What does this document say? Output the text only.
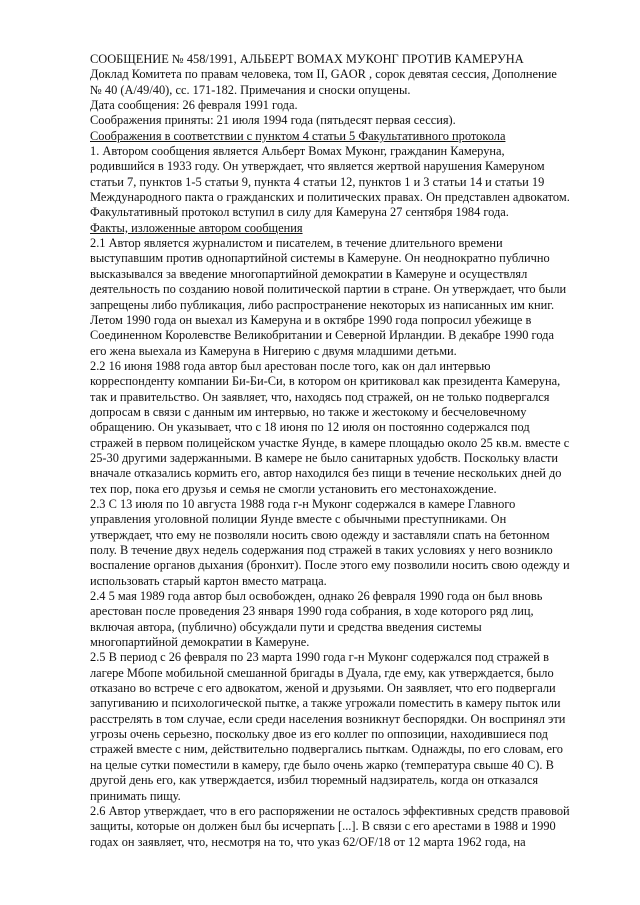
СООБЩЕНИЕ № 458/1991, АЛЬБЕРТ ВОМАХ МУКОНГ ПРОТИВ КАМЕРУНА

Доклад Комитета по правам человека, том II, GAOR , сорок девятая сессия, Дополнение № 40 (A/49/40), сс. 171-182. Примечания и сноски опущены.

Дата сообщения: 26 февраля 1991 года.

Соображения приняты: 21 июля 1994 года (пятьдесят первая сессия).

Соображения в соответствии с пунктом 4 статьи 5 Факультативного протокола

1. Автором сообщения является Альберт Вомах Муконг, гражданин Камеруна, родившийся в 1933 году. Он утверждает, что является жертвой нарушения Камеруном статьи 7, пунктов 1-5 статьи 9, пункта 4 статьи 12, пунктов 1 и 3 статьи 14 и статьи 19 Международного пакта о гражданских и политических правах. Он представлен адвокатом. Факультативный протокол вступил в силу для Камеруна 27 сентября 1984 года.

Факты, изложенные автором сообщения

2.1 Автор является журналистом и писателем, в течение длительного времени выступавшим против однопартийной системы в Камеруне. Он неоднократно публично высказывался за введение многопартийной демократии в Камеруне и осуществлял деятельность по созданию новой политической партии в стране. Он утверждает, что были запрещены либо публикация, либо распространение некоторых из написанных им книг. Летом 1990 года он выехал из Камеруна и в октябре 1990 года попросил убежище в Соединенном Королевстве Великобритании и Северной Ирландии. В декабре 1990 года его жена выехала из Камеруна в Нигерию с двумя младшими детьми.

2.2 16 июня 1988 года автор был арестован после того, как он дал интервью корреспонденту компании Би-Би-Си, в котором он критиковал как президента Камеруна, так и правительство. Он заявляет, что, находясь под стражей, он не только подвергался допросам в связи с данным им интервью, но также и жестокому и бесчеловечному обращению. Он указывает, что с 18 июня по 12 июля он постоянно содержался под стражей в первом полицейском участке Яунде, в камере площадью около 25 кв.м. вместе с 25-30 другими задержанными. В камере не было санитарных удобств. Поскольку власти вначале отказались кормить его, автор находился без пищи в течение нескольких дней до тех пор, пока его друзья и семья не смогли установить его местонахождение.

2.3 С 13 июля по 10 августа 1988 года г-н Муконг содержался в камере Главного управления уголовной полиции Яунде вместе с обычными преступниками. Он утверждает, что ему не позволяли носить свою одежду и заставляли спать на бетонном полу. В течение двух недель содержания под стражей в таких условиях у него возникло воспаление органов дыхания (бронхит). После этого ему позволили носить свою одежду и использовать старый картон вместо матраца.

2.4 5 мая 1989 года автор был освобожден, однако 26 февраля 1990 года он был вновь арестован после проведения 23 января 1990 года собрания, в ходе которого ряд лиц, включая автора, (публично) обсуждали пути и средства введения системы многопартийной демократии в Камеруне.

2.5 В период с 26 февраля по 23 марта 1990 года г-н Муконг содержался под стражей в лагере Мбопе мобильной смешанной бригады в Дуала, где ему, как утверждается, было отказано во встрече с его адвокатом, женой и друзьями. Он заявляет, что его подвергали запугиванию и психологической пытке, а также угрожали поместить в камеру пыток или расстрелять в том случае, если среди населения возникнут беспорядки. Он воспринял эти угрозы очень серьезно, поскольку двое из его коллег по оппозиции, находившиеся под стражей вместе с ним, действительно подвергались пыткам. Однажды, по его словам, его на целые сутки поместили в камеру, где было очень жарко (температура свыше 40 С). В другой день его, как утверждается, избил тюремный надзиратель, когда он отказался принимать пищу.

2.6 Автор утверждает, что в его распоряжении не осталось эффективных средств правовой защиты, которые он должен был бы исчерпать [...]. В связи с его арестами в 1988 и 1990 годах он заявляет, что, несмотря на то, что указ 62/OF/18 от 12 марта 1962 года, на
